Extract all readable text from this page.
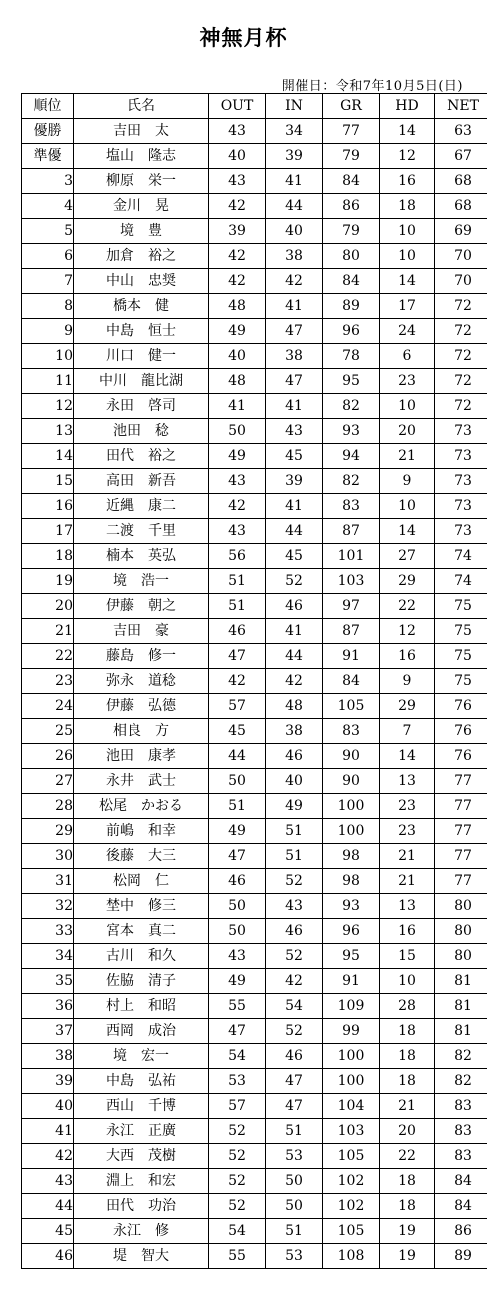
神無月杯
開催日：令和7年10月5日(日)
順位	氏名	OUT	IN	GR	HD	NET
優勝	吉田　太	43	34	77	14	63
準優	塩山　隆志	40	39	79	12	67
3	柳原　栄一	43	41	84	16	68
4	金川　晃	42	44	86	18	68
5	境　豊	39	40	79	10	69
6	加倉　裕之	42	38	80	10	70
7	中山　忠奨	42	42	84	14	70
8	橋本　健	48	41	89	17	72
9	中島　恒士	49	47	96	24	72
10	川口　健一	40	38	78	6	72
11	中川　龍比湖	48	47	95	23	72
12	永田　啓司	41	41	82	10	72
13	池田　稔	50	43	93	20	73
14	田代　裕之	49	45	94	21	73
15	高田　新吾	43	39	82	9	73
16	近縄　康二	42	41	83	10	73
17	二渡　千里	43	44	87	14	73
18	楠本　英弘	56	45	101	27	74
19	境　浩一	51	52	103	29	74
20	伊藤　朝之	51	46	97	22	75
21	吉田　豪	46	41	87	12	75
22	藤島　修一	47	44	91	16	75
23	弥永　道稔	42	42	84	9	75
24	伊藤　弘德	57	48	105	29	76
25	相良　方	45	38	83	7	76
26	池田　康孝	44	46	90	14	76
27	永井　武士	50	40	90	13	77
28	松尾　かおる	51	49	100	23	77
29	前嶋　和幸	49	51	100	23	77
30	後藤　大三	47	51	98	21	77
31	松岡　仁	46	52	98	21	77
32	埜中　修三	50	43	93	13	80
33	宮本　真二	50	46	96	16	80
34	古川　和久	43	52	95	15	80
35	佐脇　清子	49	42	91	10	81
36	村上　和昭	55	54	109	28	81
37	西岡　成治	47	52	99	18	81
38	境　宏一	54	46	100	18	82
39	中島　弘祐	53	47	100	18	82
40	西山　千博	57	47	104	21	83
41	永江　正廣	52	51	103	20	83
42	大西　茂樹	52	53	105	22	83
43	淵上　和宏	52	50	102	18	84
44	田代　功治	52	50	102	18	84
45	永江　修	54	51	105	19	86
46	堤　智大	55	53	108	19	89
